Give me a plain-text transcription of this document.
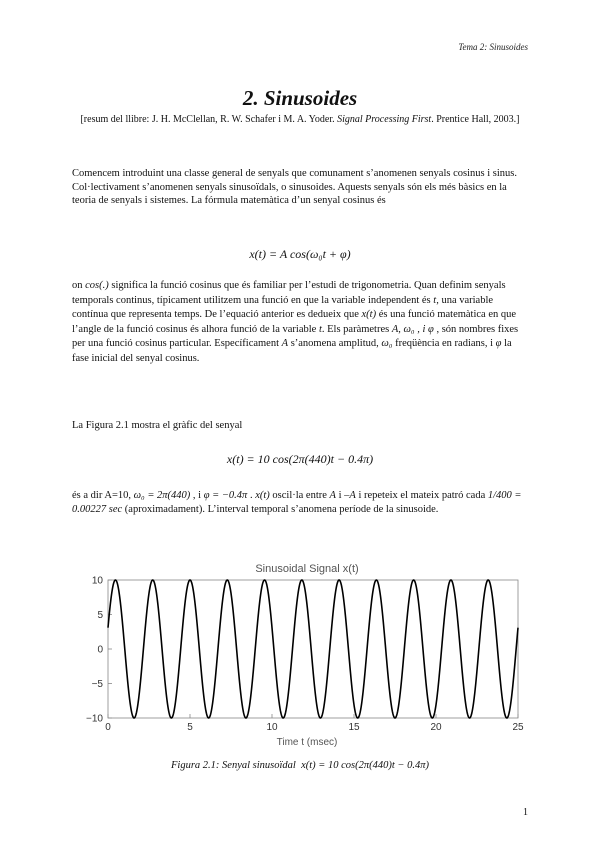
Tema 2: Sinusoides
2. Sinusoides
[resum del llibre: J. H. McClellan, R. W. Schafer i M. A. Yoder. Signal Processing First. Prentice Hall, 2003.]

Comencem introduint una classe general de senyals que comunament s’anomenen senyals cosinus i sinus. Col·lectivament s’anomenen senyals sinusoïdals, o sinusoides. Aquests senyals són els més bàsics en la teoria de senyals i sistemes. La fórmula matemàtica d’un senyal cosinus és

x(t) = A cos(ω₀t + φ)

on cos(.) significa la funció cosinus que és familiar per l’estudi de trigonometria. Quan definim senyals temporals continus, típicament utilitzem una funció en que la variable independent és t, una variable contínua que representa temps. De l’equació anterior es dedueix que x(t) és una funció matemàtica en que l’angle de la funció cosinus és alhora funció de la variable t. Els paràmetres A, ω₀ , i φ , són nombres fixes per una funció cosinus particular. Específicament A s’anomena amplitud, ω₀ freqüència en radians, i φ la fase inicial del senyal cosinus.

La Figura 2.1 mostra el gràfic del senyal

x(t) = 10 cos(2π(440)t − 0.4π)

és a dir A=10, ω₀ = 2π(440) , i φ = −0.4π . x(t) oscil·la entre A i –A i repeteix el mateix patró cada 1/400 = 0.00227 sec (aproximadament). L’interval temporal s’anomena període de la sinusoide.

Sinusoidal Signal x(t)
Time t (msec)
0	5	10	15	20	25
−10
−5
0
5
10
Figura 2.1: Senyal sinusoïdal x(t) = 10 cos(2π(440)t − 0.4π)
1
